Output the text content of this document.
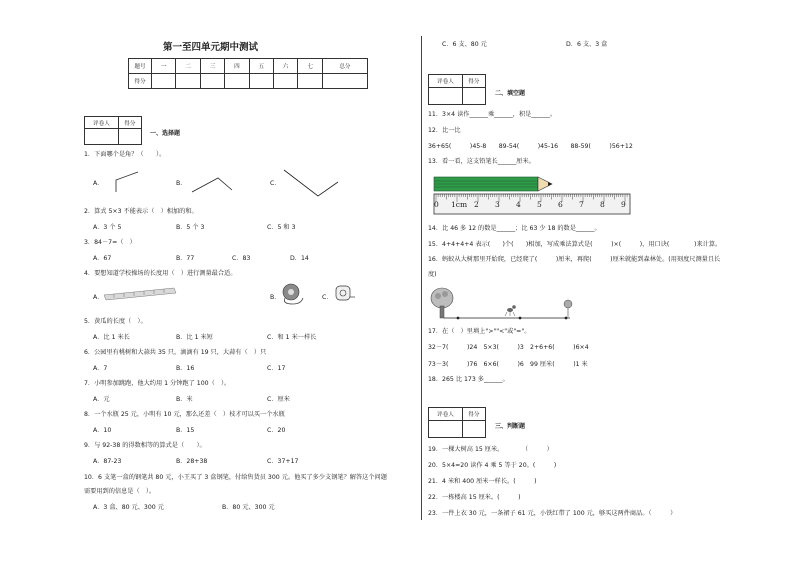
第一至四单元期中测试
题号	一	二	三	四	五	六	七	总分
得分								
评卷人	得分

一、选择题
1．下面哪个是角？（　　）。
A．	B．	C．
2．算式 5×3 不能表示（　）相加的和。
A．3 个 5	B．5 个 3	C．5 和 3
3．84－7=（　）
A．67	B．77	C．83	D．14
4．要想知道学校操场的长度用（　）进行测量最合适。
A．	B．	C．
5．黄瓜的长度（　）。
A．比 1 米长	B．比 1 米短	C．和 1 米一样长
6．公园里有桃树和大蒜共 35 只，滴滴有 19 只，大蒜有（　）只
A．7	B．16	C．17
7．小明参加跳跑，他大约用 1 分钟跑了 100（　）。
A．元	B．米	C．厘米
8．一个水瓶 25 元，小明有 10 元，那么还差（　）枝才可以买一个水瓶
A．10	B．15	C．20
9．与 92-38 的得数相等的算式是（　　）。
A．87-23	B．28+38	C．37+17
10．6 支笔一盒的钢笔共 80 元，小王买了 3 盒钢笔，付给售货员 300 元。他买了多少支钢笔？解答这个问题
需要用到的信息是（　）。
A．3 盒、80 元、300 元	B．80 元、300 元
C．6 支、80 元	D．6 支、3 盒
评卷人	得分

二、填空题
11．3×4 读作______乘______，积是______。
12．比一比
36+65(　　　)45-8　　89-54(　　　)45-16　　88-59(　　　)56+12
13．看一看，这支铅笔长______厘米。
0 1cm 2 3 4 5 6 7 8 9
14．比 46 多 12 的数是______；比 63 少 18 的数是______。
15．4+4+4+4 表示(　　)个(　　)相加，写成乘法算式是(　　　)×(　　　)，用口诀(　　　　)来计算。
16．蚂蚁从大树那里开始爬，已经爬了(　　　)厘米，再爬(　　　)厘米就能到森林处。(用刻度尺测量且长
度)
17．在（　）里填上">""<"或"="。
32－7(　　　)24　5×3(　　　)3　2+6+6(　　　)6×4
73－3(　　　)76　6×6(　　　)6　99 厘米(　　　)1 米
18．265 比 173 多______。
评卷人	得分

三、判断题
19．一棵大树高 15 厘米。　　　　（　　　）
20．5×4=20 读作 4 乘 5 等于 20。(　　　)
21．4 米和 400 厘米一样长。(　　　)
22．一栋楼高 15 厘米。(　　　)
23．一件上衣 30 元，一条裙子 61 元，小铁红带了 100 元，够买这两件商品。（　　　）
